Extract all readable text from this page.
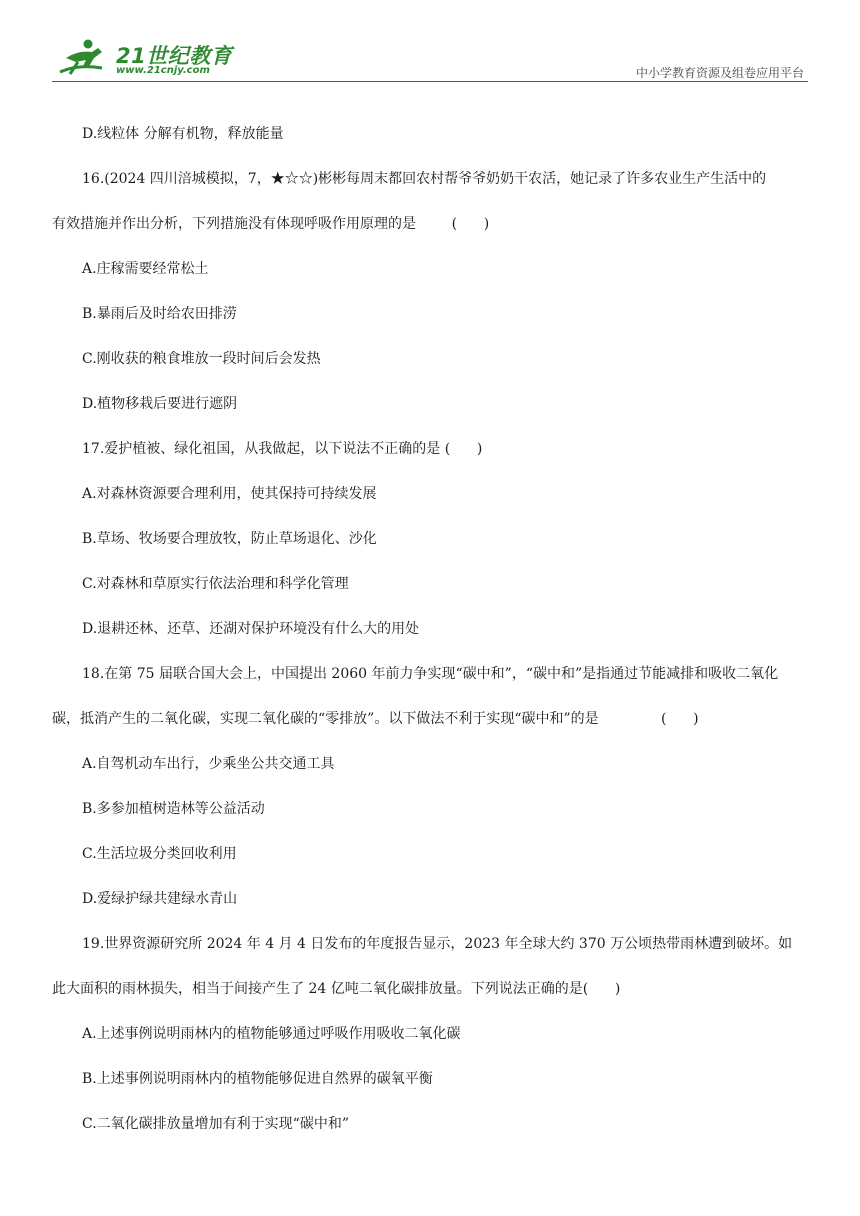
21世纪教育
www.21cnjy.com	中小学教育资源及组卷应用平台
D.线粒体 分解有机物，释放能量
16.(2024 四川涪城模拟，7，★☆☆)彬彬每周末都回农村帮爷爷奶奶干农活，她记录了许多农业生产生活中的
有效措施并作出分析，下列措施没有体现呼吸作用原理的是        (      )
A.庄稼需要经常松土
B.暴雨后及时给农田排涝
C.刚收获的粮食堆放一段时间后会发热
D.植物移栽后要进行遮阴
17.爱护植被、绿化祖国，从我做起，以下说法不正确的是 (      )
A.对森林资源要合理利用，使其保持可持续发展
B.草场、牧场要合理放牧，防止草场退化、沙化
C.对森林和草原实行依法治理和科学化管理
D.退耕还林、还草、还湖对保护环境没有什么大的用处
18.在第 75 届联合国大会上，中国提出 2060 年前力争实现“碳中和”，“碳中和”是指通过节能减排和吸收二氧化
碳，抵消产生的二氧化碳，实现二氧化碳的“零排放”。以下做法不利于实现“碳中和”的是              (      )
A.自驾机动车出行，少乘坐公共交通工具
B.多参加植树造林等公益活动
C.生活垃圾分类回收利用
D.爱绿护绿共建绿水青山
19.世界资源研究所 2024 年 4 月 4 日发布的年度报告显示，2023 年全球大约 370 万公顷热带雨林遭到破坏。如
此大面积的雨林损失，相当于间接产生了 24 亿吨二氧化碳排放量。下列说法正确的是(      )
A.上述事例说明雨林内的植物能够通过呼吸作用吸收二氧化碳
B.上述事例说明雨林内的植物能够促进自然界的碳氧平衡
C.二氧化碳排放量增加有利于实现“碳中和”
